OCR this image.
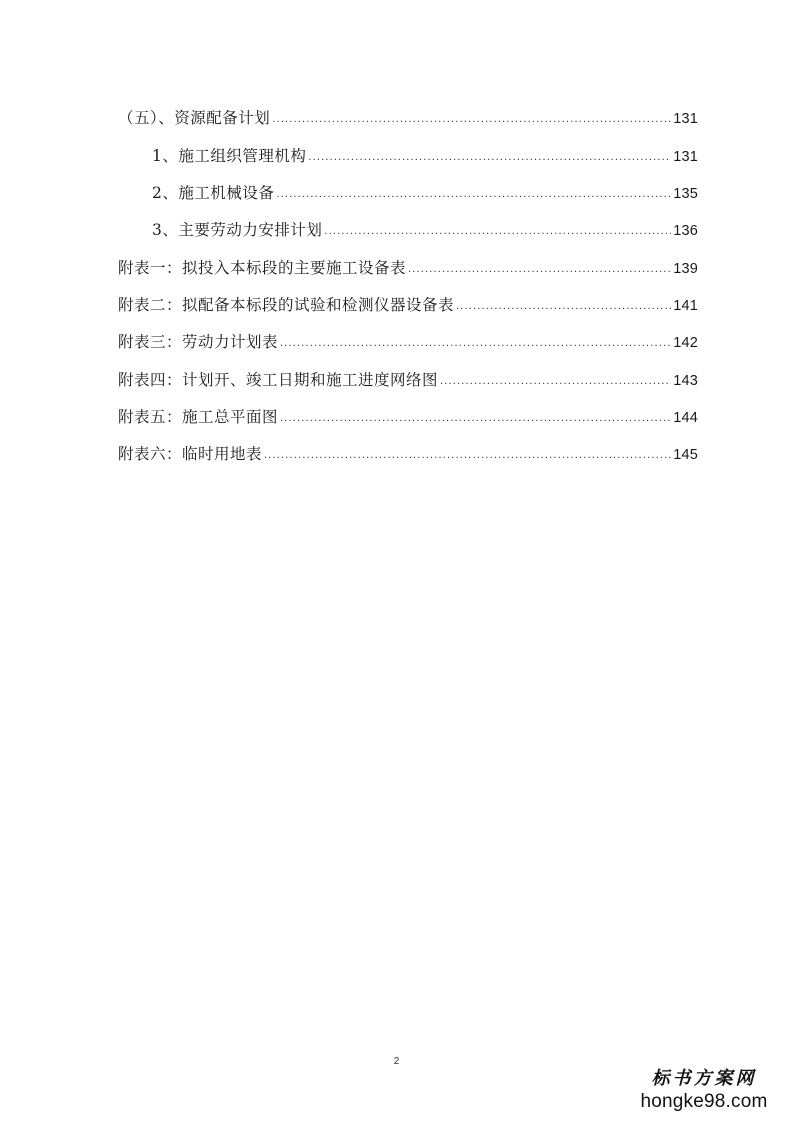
（五）、资源配备计划 .....	131
1、施工组织管理机构 .....	131
2、施工机械设备 .....	135
3、主要劳动力安排计划 .....	136
附表一：拟投入本标段的主要施工设备表 .....	139
附表二：拟配备本标段的试验和检测仪器设备表 .....	141
附表三：劳动力计划表 .....	142
附表四：计划开、竣工日期和施工进度网络图 .....	143
附表五：施工总平面图 .....	144
附表六：临时用地表 .....	145
2
标书方案网
hongke98.com
